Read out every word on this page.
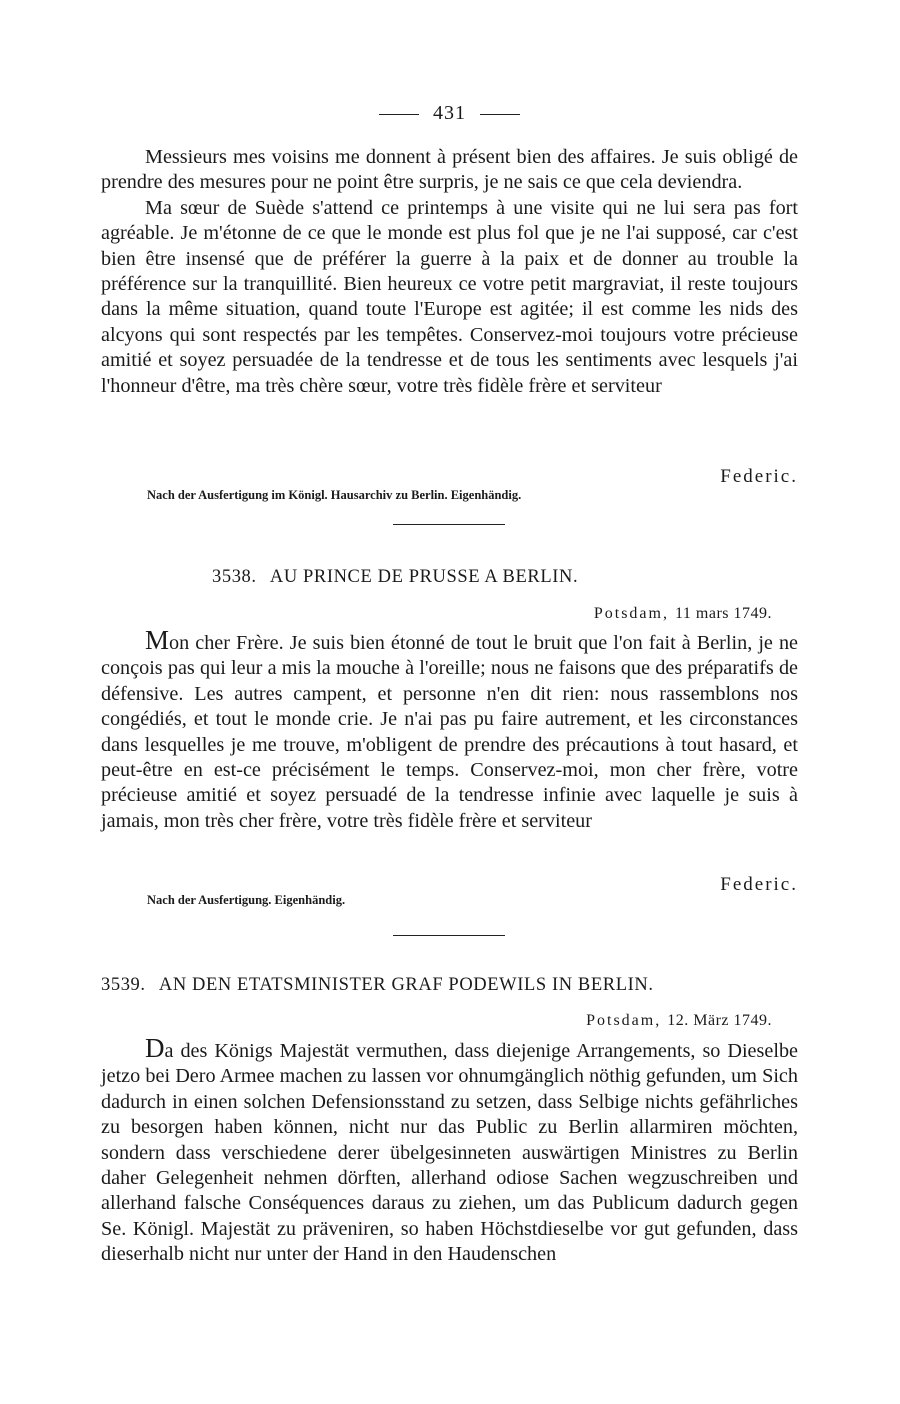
431

Messieurs mes voisins me donnent à présent bien des affaires. Je suis obligé de prendre des mesures pour ne point être surpris, je ne sais ce que cela deviendra.

Ma sœur de Suède s'attend ce printemps à une visite qui ne lui sera pas fort agréable. Je m'étonne de ce que le monde est plus fol que je ne l'ai supposé, car c'est bien être insensé que de préférer la guerre à la paix et de donner au trouble la préférence sur la tranquillité. Bien heureux ce votre petit margraviat, il reste toujours dans la même situation, quand toute l'Europe est agitée; il est comme les nids des alcyons qui sont respectés par les tempêtes. Conservez-moi toujours votre précieuse amitié et soyez persuadée de la tendresse et de tous les sentiments avec lesquels j'ai l'honneur d'être, ma très chère sœur, votre très fidèle frère et serviteur

Federic.
Nach der Ausfertigung im Königl. Hausarchiv zu Berlin. Eigenhändig.
3538. AU PRINCE DE PRUSSE A BERLIN.
Potsdam, 11 mars 1749.

Mon cher Frère. Je suis bien étonné de tout le bruit que l'on fait à Berlin, je ne conçois pas qui leur a mis la mouche à l'oreille; nous ne faisons que des préparatifs de défensive. Les autres campent, et personne n'en dit rien: nous rassemblons nos congédiés, et tout le monde crie. Je n'ai pas pu faire autrement, et les circonstances dans lesquelles je me trouve, m'obligent de prendre des précautions à tout hasard, et peut-être en est-ce précisément le temps. Conservez-moi, mon cher frère, votre précieuse amitié et soyez persuadé de la tendresse infinie avec laquelle je suis à jamais, mon très cher frère, votre très fidèle frère et serviteur

Federic.
Nach der Ausfertigung. Eigenhändig.
3539. AN DEN ETATSMINISTER GRAF PODEWILS IN BERLIN.
Potsdam, 12. März 1749.

Da des Königs Majestät vermuthen, dass diejenige Arrangements, so Dieselbe jetzo bei Dero Armee machen zu lassen vor ohnumgänglich nöthig gefunden, um Sich dadurch in einen solchen Defensionsstand zu setzen, dass Selbige nichts gefährliches zu besorgen haben können, nicht nur das Public zu Berlin allarmiren möchten, sondern dass verschiedene derer übelgesinneten auswärtigen Ministres zu Berlin daher Gelegenheit nehmen dörften, allerhand odiose Sachen wegzuschreiben und allerhand falsche Conséquences daraus zu ziehen, um das Publicum dadurch gegen Se. Königl. Majestät zu präveniren, so haben Höchstdieselbe vor gut gefunden, dass dieserhalb nicht nur unter der Hand in den Haudenschen
